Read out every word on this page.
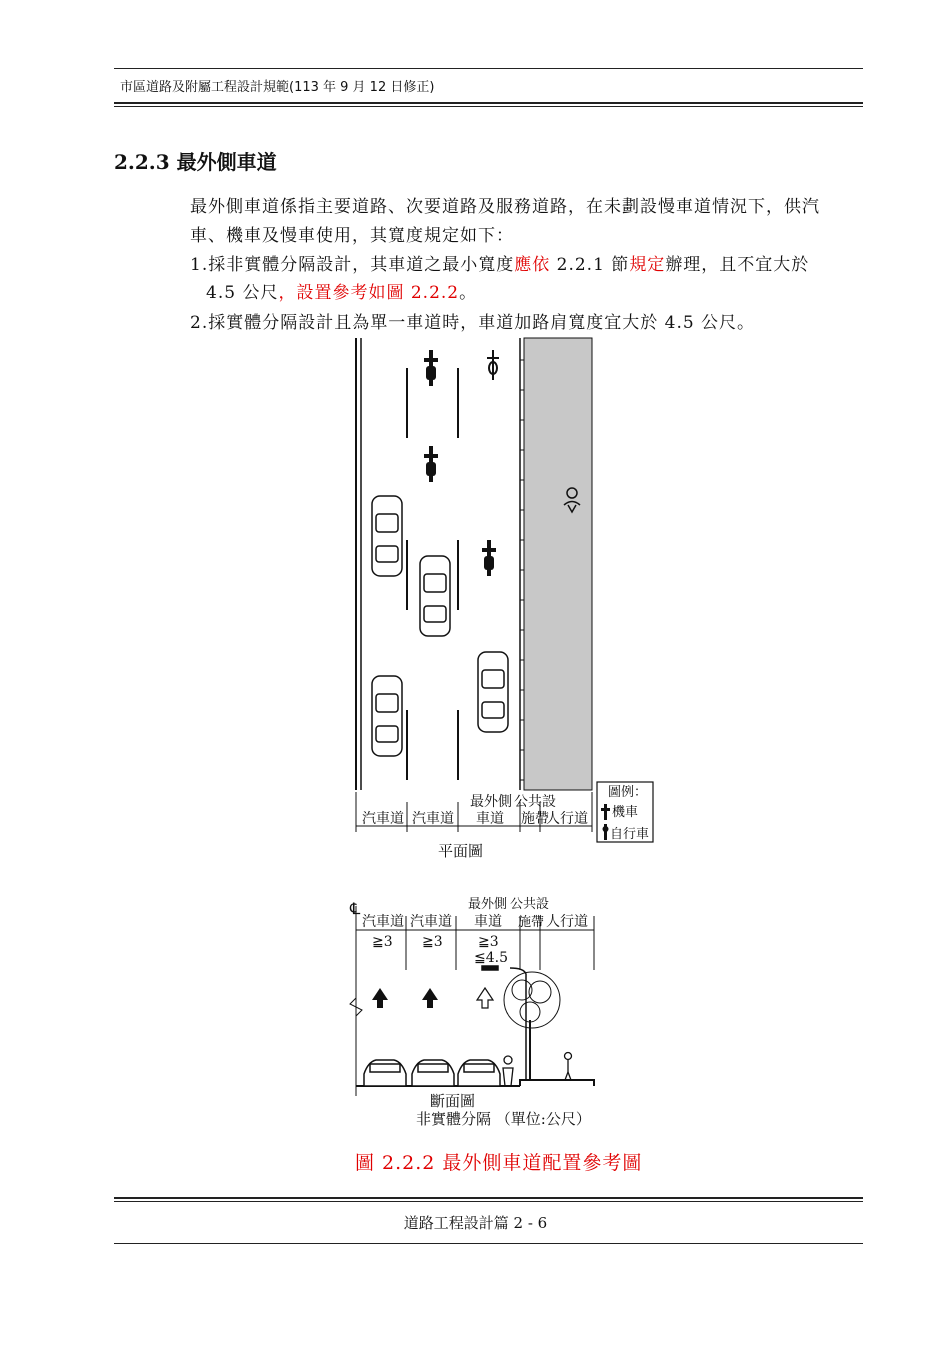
市區道路及附屬工程設計規範(113 年 9 月 12 日修正)
2.2.3 最外側車道
最外側車道係指主要道路、次要道路及服務道路，在未劃設慢車道情況下，供汽
車、機車及慢車使用，其寬度規定如下：
1.採非實體分隔設計，其車道之最小寬度應依 2.2.1 節規定辦理，且不宜大於
4.5 公尺，設置參考如圖 2.2.2。
2.採實體分隔設計且為單一車道時，車道加路肩寬度宜大於 4.5 公尺。
汽車道 汽車道
最外側
車道
公共設
施帶
人行道
平面圖
圖例：
機車
自行車
℄	最外側 公共設
汽車道 汽車道 車道 施帶 人行道
≧3 ≧3	≧3
≦4.5
斷面圖
非實體分隔 （單位:公尺）
圖 2.2.2 最外側車道配置參考圖
道路工程設計篇 2 - 6
